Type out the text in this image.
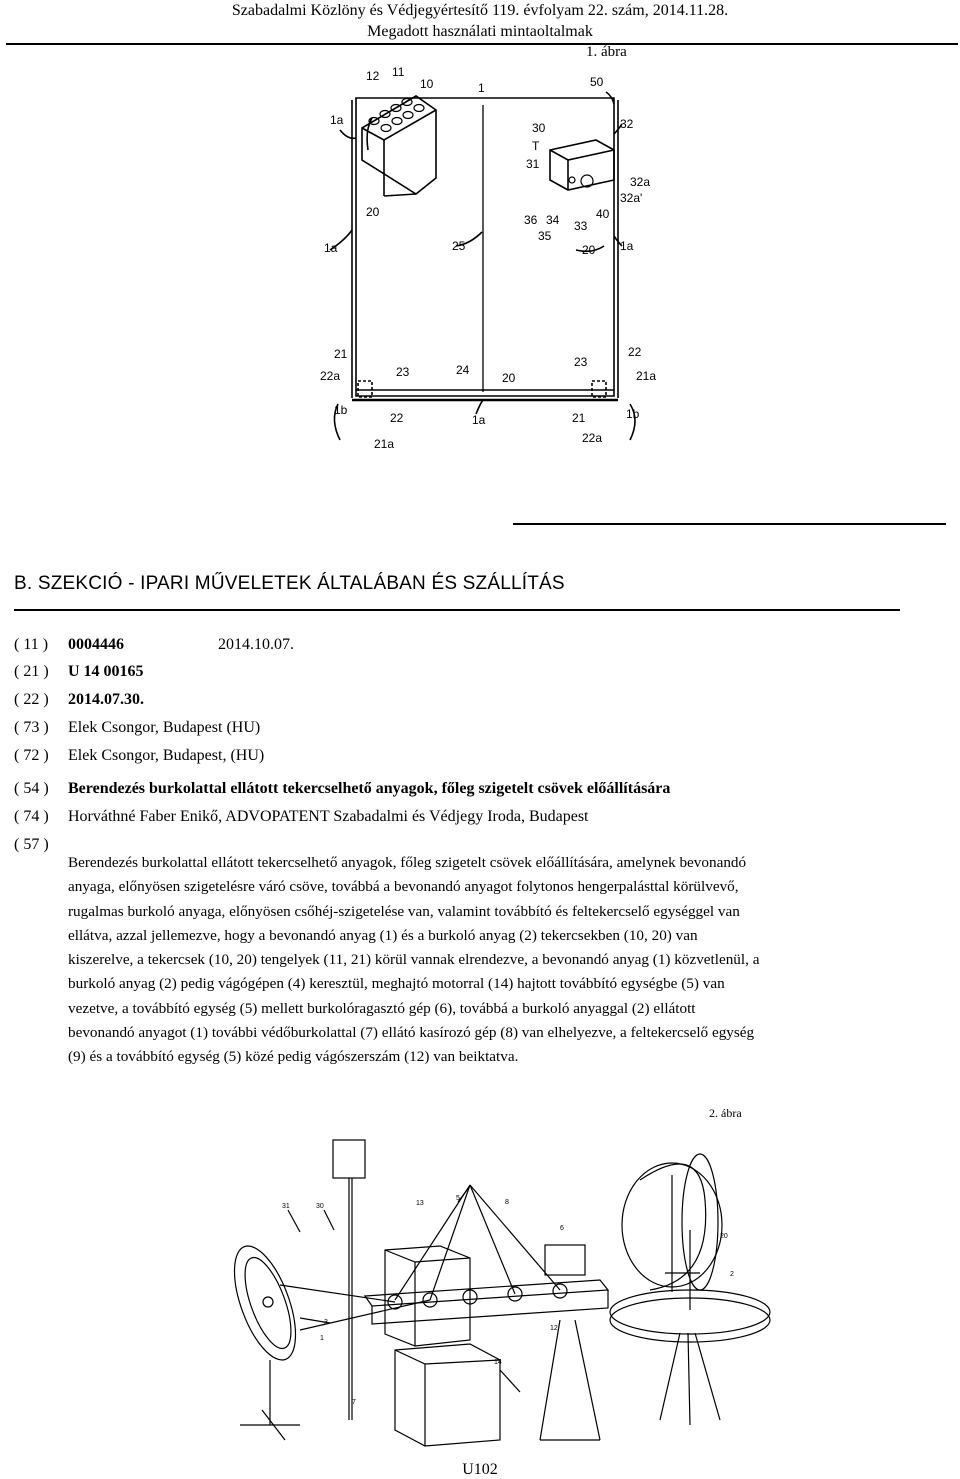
Szabadalmi Közlöny és Védjegyértesítő 119. évfolyam 22. szám, 2014.11.28.
Megadott használati mintaoltalmak
1. ábra
12 11
10	1	50
1a
30	32
T
31
32a
32a'
20
36 34 33
40
35
1a	25	20 1a
21	22
22a	23	24
20
23
21a
1b
22	1a	21	1b
21a	22a
B. SZEKCIÓ - IPARI MŰVELETEK ÁLTALÁBAN ÉS SZÁLLÍTÁS
( 11 ) 0004446	2014.10.07.
( 21 ) U 14 00165
( 22 ) 2014.07.30.
( 73 ) Elek Csongor, Budapest (HU)
( 72 ) Elek Csongor, Budapest, (HU)
( 54 ) Berendezés burkolattal ellátott tekercselhető anyagok, főleg szigetelt csövek előállítására
( 74 ) Horváthné Faber Enikő, ADVOPATENT Szabadalmi és Védjegy Iroda, Budapest
( 57 )
Berendezés burkolattal ellátott tekercselhető anyagok, főleg szigetelt csövek előállítására, amelynek bevonandó
anyaga, előnyösen szigetelésre váró csöve, továbbá a bevonandó anyagot folytonos hengerpalásttal körülvevő,
rugalmas burkoló anyaga, előnyösen csőhéj-szigetelése van, valamint továbbító és feltekercselő egységgel van
ellátva, azzal jellemezve, hogy a bevonandó anyag (1) és a burkoló anyag (2) tekercsekben (10, 20) van
kiszerelve, a tekercsek (10, 20) tengelyek (11, 21) körül vannak elrendezve, a bevonandó anyag (1) közvetlenül, a
burkoló anyag (2) pedig vágógépen (4) keresztül, meghajtó motorral (14) hajtott továbbító egységbe (5) van
vezetve, a továbbító egység (5) mellett burkolóragasztó gép (6), továbbá a burkoló anyaggal (2) ellátott
bevonandó anyagot (1) további védőburkolattal (7) ellátó kasírozó gép (8) van elhelyezve, a feltekercselő egység
(9) és a továbbító egység (5) közé pedig vágószerszám (12) van beiktatva.
2. ábra
31	30	13
5
8
6
20
2
12
3
1
7
14
U102
